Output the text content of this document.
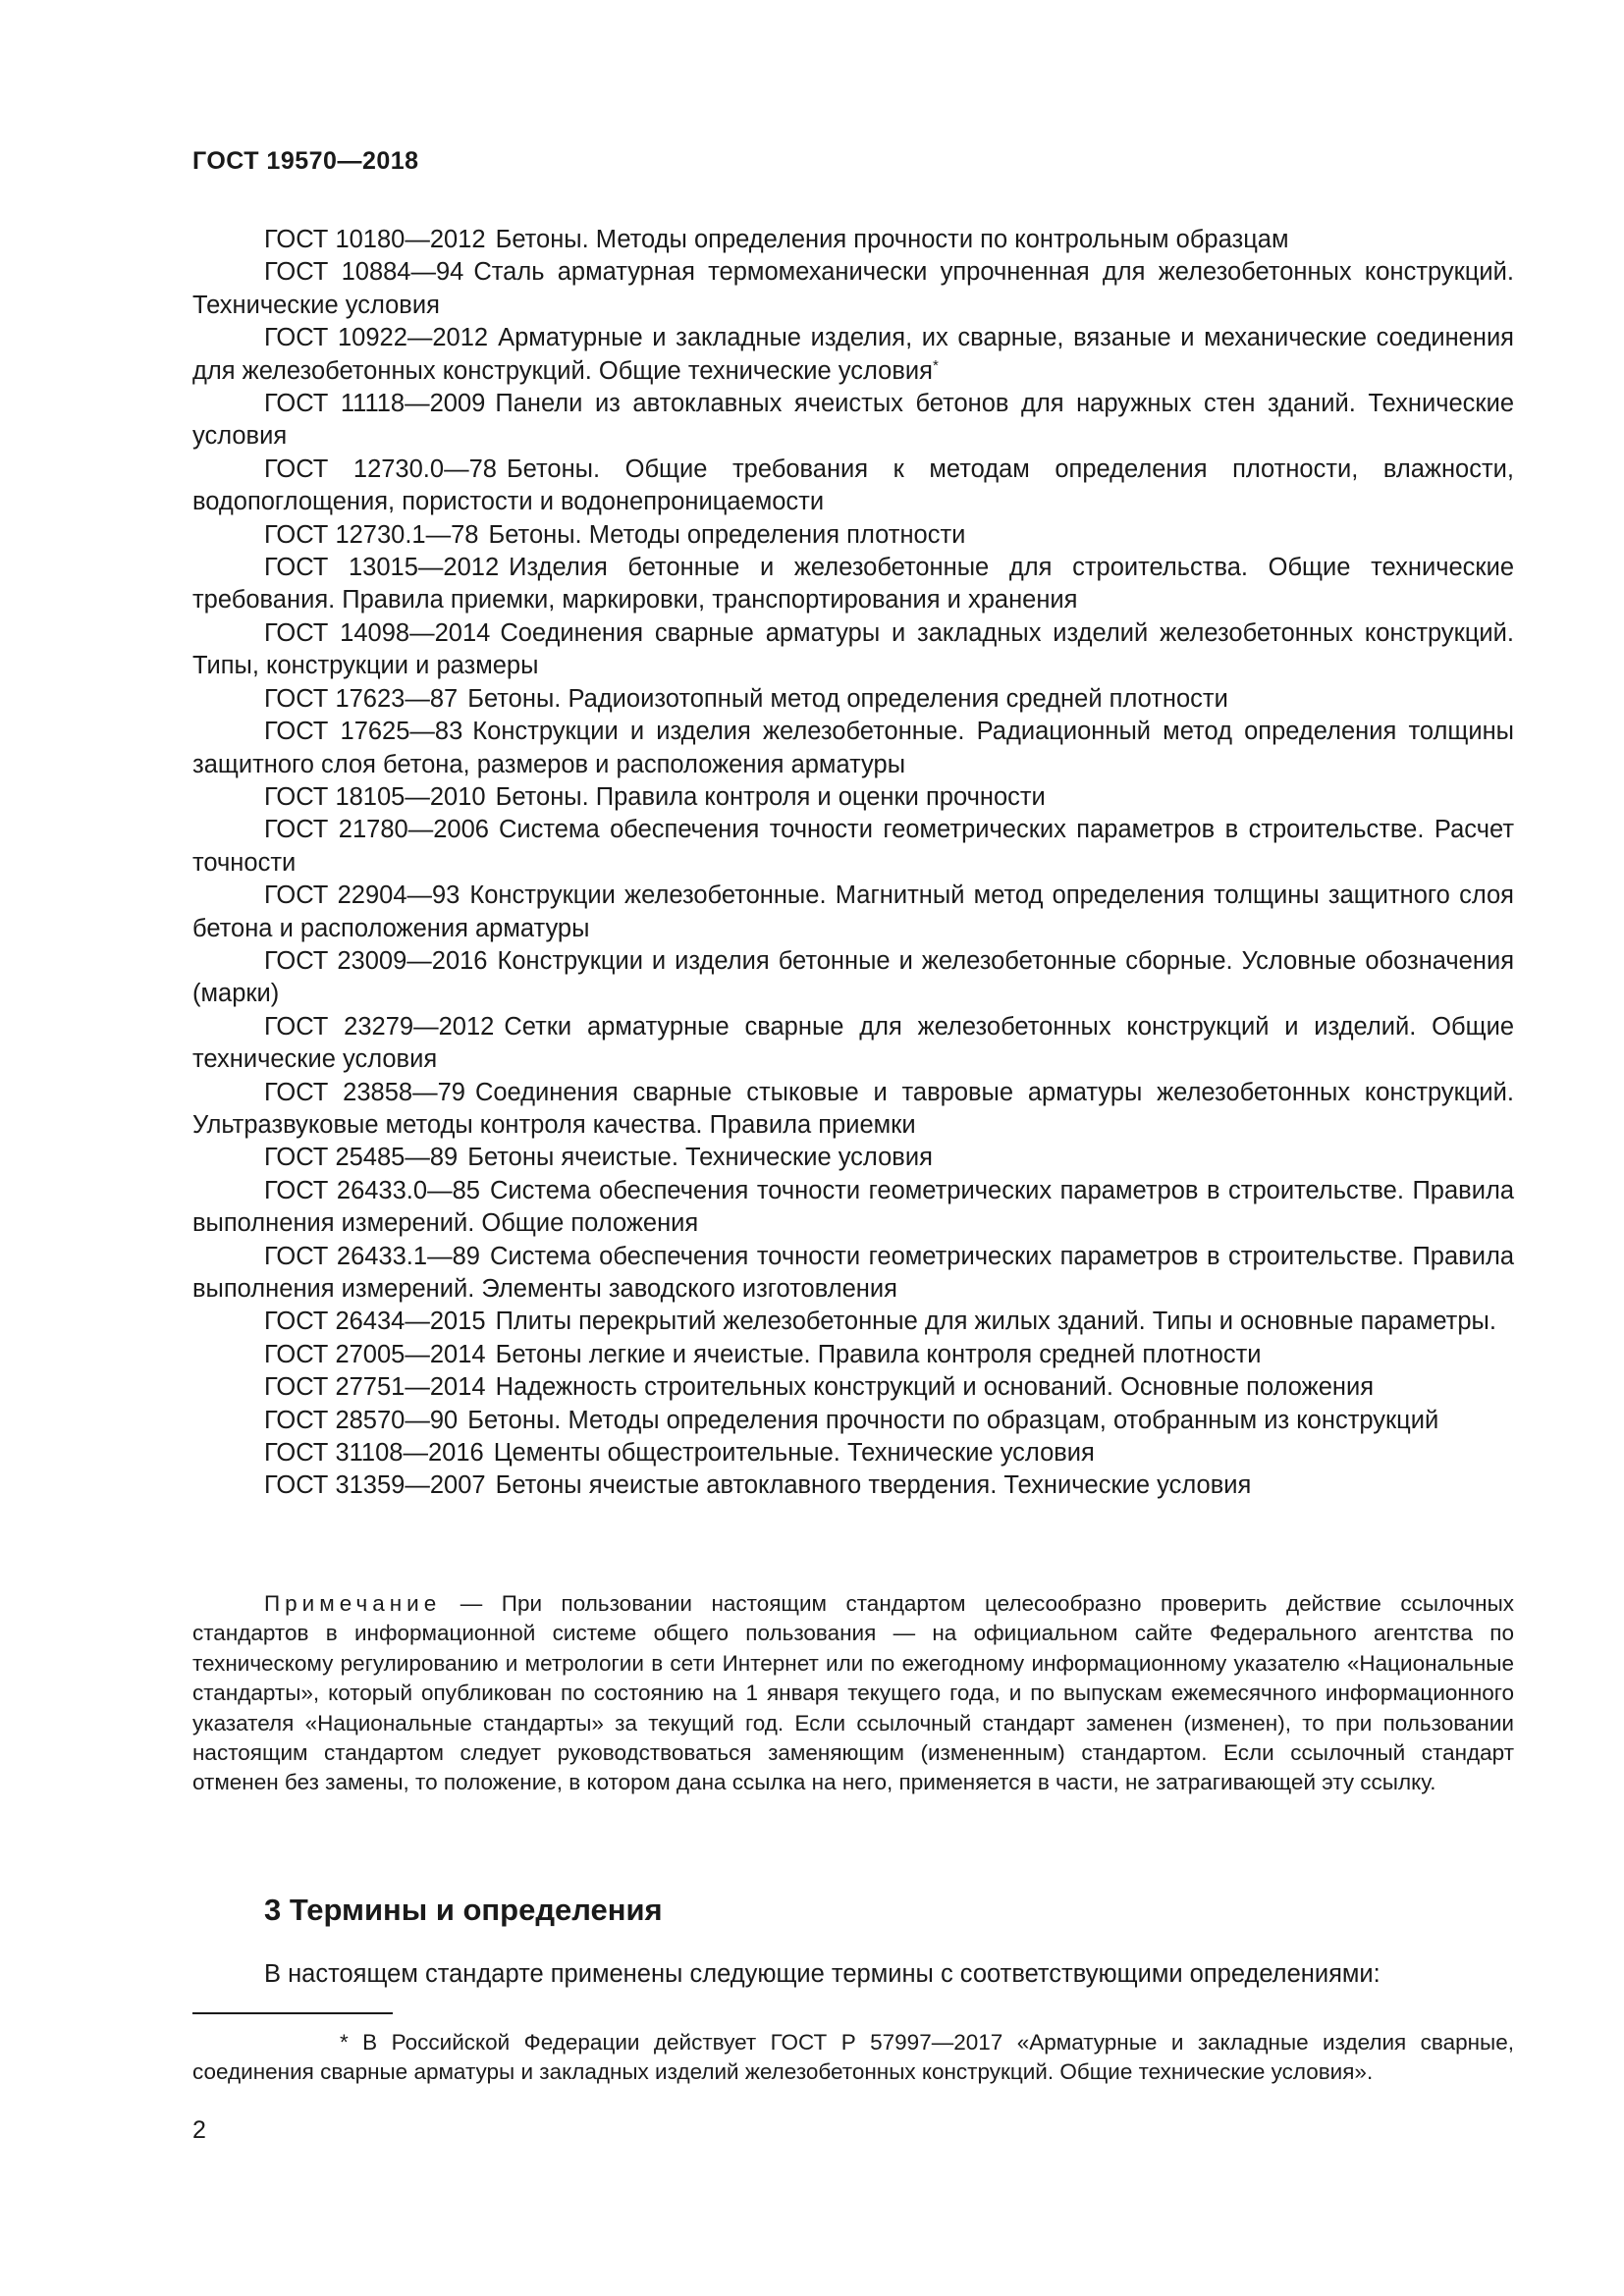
ГОСТ 19570—2018

ГОСТ 10180—2012 Бетоны. Методы определения прочности по контрольным образцам

ГОСТ 10884—94 Сталь арматурная термомеханически упрочненная для железобетонных конструкций. Технические условия

ГОСТ 10922—2012 Арматурные и закладные изделия, их сварные, вязаные и механические соединения для железобетонных конструкций. Общие технические условия*

ГОСТ 11118—2009 Панели из автоклавных ячеистых бетонов для наружных стен зданий. Технические условия

ГОСТ 12730.0—78 Бетоны. Общие требования к методам определения плотности, влажности, водопоглощения, пористости и водонепроницаемости

ГОСТ 12730.1—78 Бетоны. Методы определения плотности

ГОСТ 13015—2012 Изделия бетонные и железобетонные для строительства. Общие технические требования. Правила приемки, маркировки, транспортирования и хранения

ГОСТ 14098—2014 Соединения сварные арматуры и закладных изделий железобетонных конструкций. Типы, конструкции и размеры

ГОСТ 17623—87 Бетоны. Радиоизотопный метод определения средней плотности

ГОСТ 17625—83 Конструкции и изделия железобетонные. Радиационный метод определения толщины защитного слоя бетона, размеров и расположения арматуры

ГОСТ 18105—2010 Бетоны. Правила контроля и оценки прочности

ГОСТ 21780—2006 Система обеспечения точности геометрических параметров в строительстве. Расчет точности

ГОСТ 22904—93 Конструкции железобетонные. Магнитный метод определения толщины защитного слоя бетона и расположения арматуры

ГОСТ 23009—2016 Конструкции и изделия бетонные и железобетонные сборные. Условные обозначения (марки)

ГОСТ 23279—2012 Сетки арматурные сварные для железобетонных конструкций и изделий. Общие технические условия

ГОСТ 23858—79 Соединения сварные стыковые и тавровые арматуры железобетонных конструкций. Ультразвуковые методы контроля качества. Правила приемки

ГОСТ 25485—89 Бетоны ячеистые. Технические условия

ГОСТ 26433.0—85 Система обеспечения точности геометрических параметров в строительстве. Правила выполнения измерений. Общие положения

ГОСТ 26433.1—89 Система обеспечения точности геометрических параметров в строительстве. Правила выполнения измерений. Элементы заводского изготовления

ГОСТ 26434—2015 Плиты перекрытий железобетонные для жилых зданий. Типы и основные параметры.

ГОСТ 27005—2014 Бетоны легкие и ячеистые. Правила контроля средней плотности

ГОСТ 27751—2014 Надежность строительных конструкций и оснований. Основные положения

ГОСТ 28570—90 Бетоны. Методы определения прочности по образцам, отобранным из конструкций

ГОСТ 31108—2016 Цементы общестроительные. Технические условия

ГОСТ 31359—2007 Бетоны ячеистые автоклавного твердения. Технические условия

Примечание — При пользовании настоящим стандартом целесообразно проверить действие ссылочных стандартов в информационной системе общего пользования — на официальном сайте Федерального агентства по техническому регулированию и метрологии в сети Интернет или по ежегодному информационному указателю «Национальные стандарты», который опубликован по состоянию на 1 января текущего года, и по выпускам ежемесячного информационного указателя «Национальные стандарты» за текущий год. Если ссылочный стандарт заменен (изменен), то при пользовании настоящим стандартом следует руководствоваться заменяющим (измененным) стандартом. Если ссылочный стандарт отменен без замены, то положение, в котором дана ссылка на него, применяется в части, не затрагивающей эту ссылку.

3 Термины и определения

В настоящем стандарте применены следующие термины с соответствующими определениями:

* В Российской Федерации действует ГОСТ Р 57997—2017 «Арматурные и закладные изделия сварные, соединения сварные арматуры и закладных изделий железобетонных конструкций. Общие технические условия».

2
